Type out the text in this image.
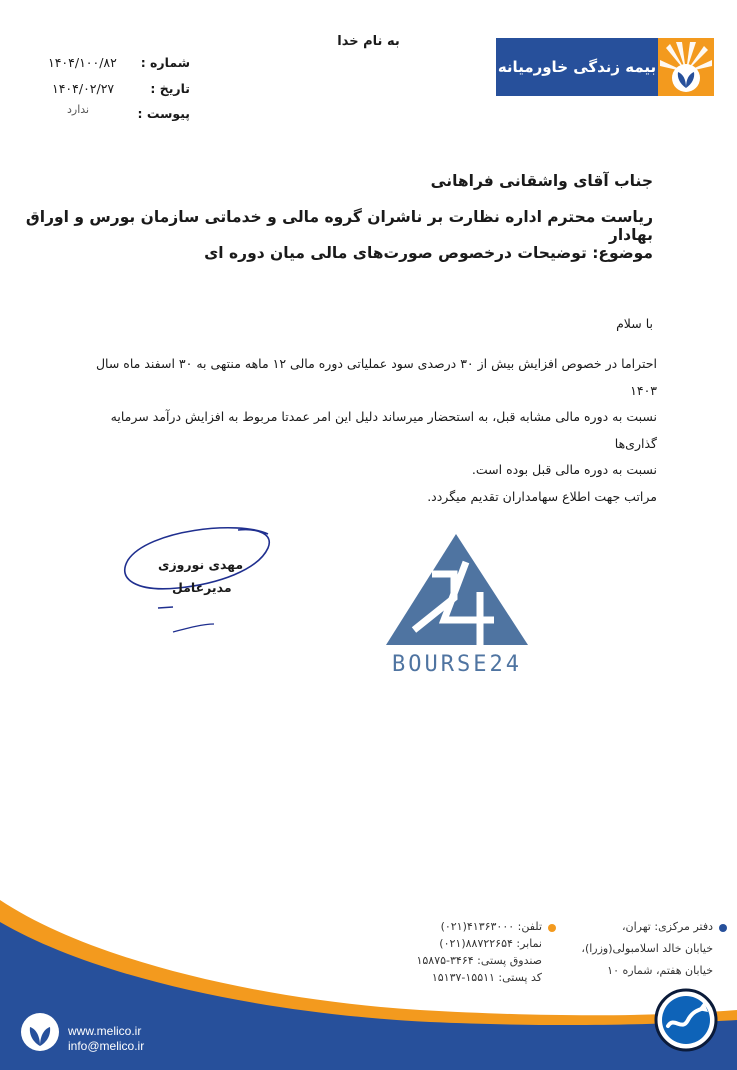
به نام خدا
بیمه زندگی خاورمیانه
شماره :
۱۴۰۴/۱۰۰/۸۲
تاریخ :
۱۴۰۴/۰۲/۲۷
پیوست :
ندارد
جناب آقای واشقانی فراهانی
ریاست محترم اداره نظارت بر ناشران گروه مالی و خدماتی سازمان بورس و اوراق بهادار
موضوع: توضیحات درخصوص صورت‌های مالی میان دوره ای
با سلام

احتراما در خصوص افزایش بیش از ۳۰ درصدی سود عملیاتی دوره مالی ۱۲ ماهه منتهی به ۳۰ اسفند ماه سال ۱۴۰۳

نسبت به دوره مالی مشابه قبل، به استحضار میرساند دلیل این امر عمدتا مربوط به افزایش درآمد سرمایه گذاری‌ها

نسبت به دوره مالی قبل بوده است.

مراتب جهت اطلاع سهامداران تقدیم میگردد.

مهدی نوروزی
مدیرعامل
BOURSE24
دفتر مرکزی: تهران،
خیابان خالد اسلامبولی(وزرا)،
خیابان هفتم، شماره ۱۰
تلفن: ۴۱۳۶۳۰۰۰(۰۲۱)
نمابر: ۸۸۷۲۲۶۵۴(۰۲۱)
صندوق پستی: ۳۴۶۴-۱۵۸۷۵
کد پستی: ۱۵۵۱۱-۱۵۱۳۷
www.melico.ir
info@melico.ir
